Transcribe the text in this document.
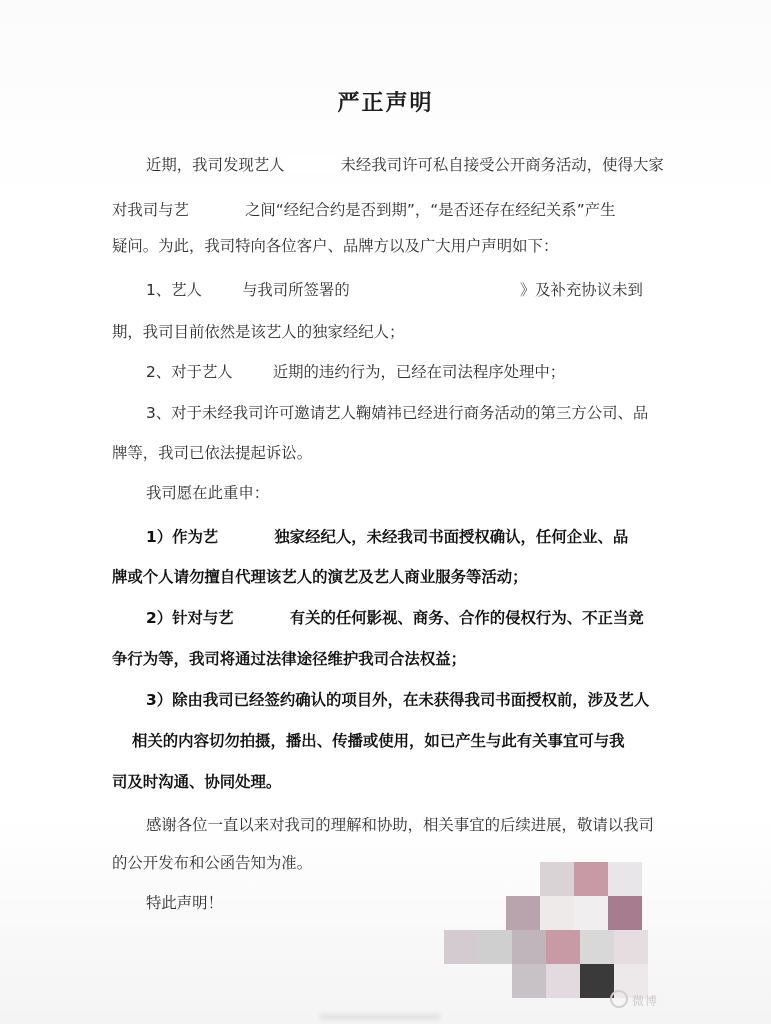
严正声明
近期，我司发现艺人	未经我司许可私自接受公开商务活动，使得大家
对我司与艺	之间“经纪合约是否到期”，“是否还存在经纪关系”产生
疑问。为此，我司特向各位客户、品牌方以及广大用户声明如下：
1、艺人	与我司所签署的	》及补充协议未到
期，我司目前依然是该艺人的独家经纪人；
2、对于艺人	近期的违约行为，已经在司法程序处理中；
3、对于未经我司许可邀请艺人鞠婧祎已经进行商务活动的第三方公司、品
牌等，我司已依法提起诉讼。
我司愿在此重申：
1）作为艺	独家经纪人，未经我司书面授权确认，任何企业、品
牌或个人请勿擅自代理该艺人的演艺及艺人商业服务等活动；
2）针对与艺	有关的任何影视、商务、合作的侵权行为、不正当竞
争行为等，我司将通过法律途径维护我司合法权益；
3）除由我司已经签约确认的项目外，在未获得我司书面授权前，涉及艺人
相关的内容切勿拍摄，播出、传播或使用，如已产生与此有关事宜可与我
司及时沟通、协同处理。
感谢各位一直以来对我司的理解和协助，相关事宜的后续进展，敬请以我司
的公开发布和公函告知为准。
特此声明！
微博
